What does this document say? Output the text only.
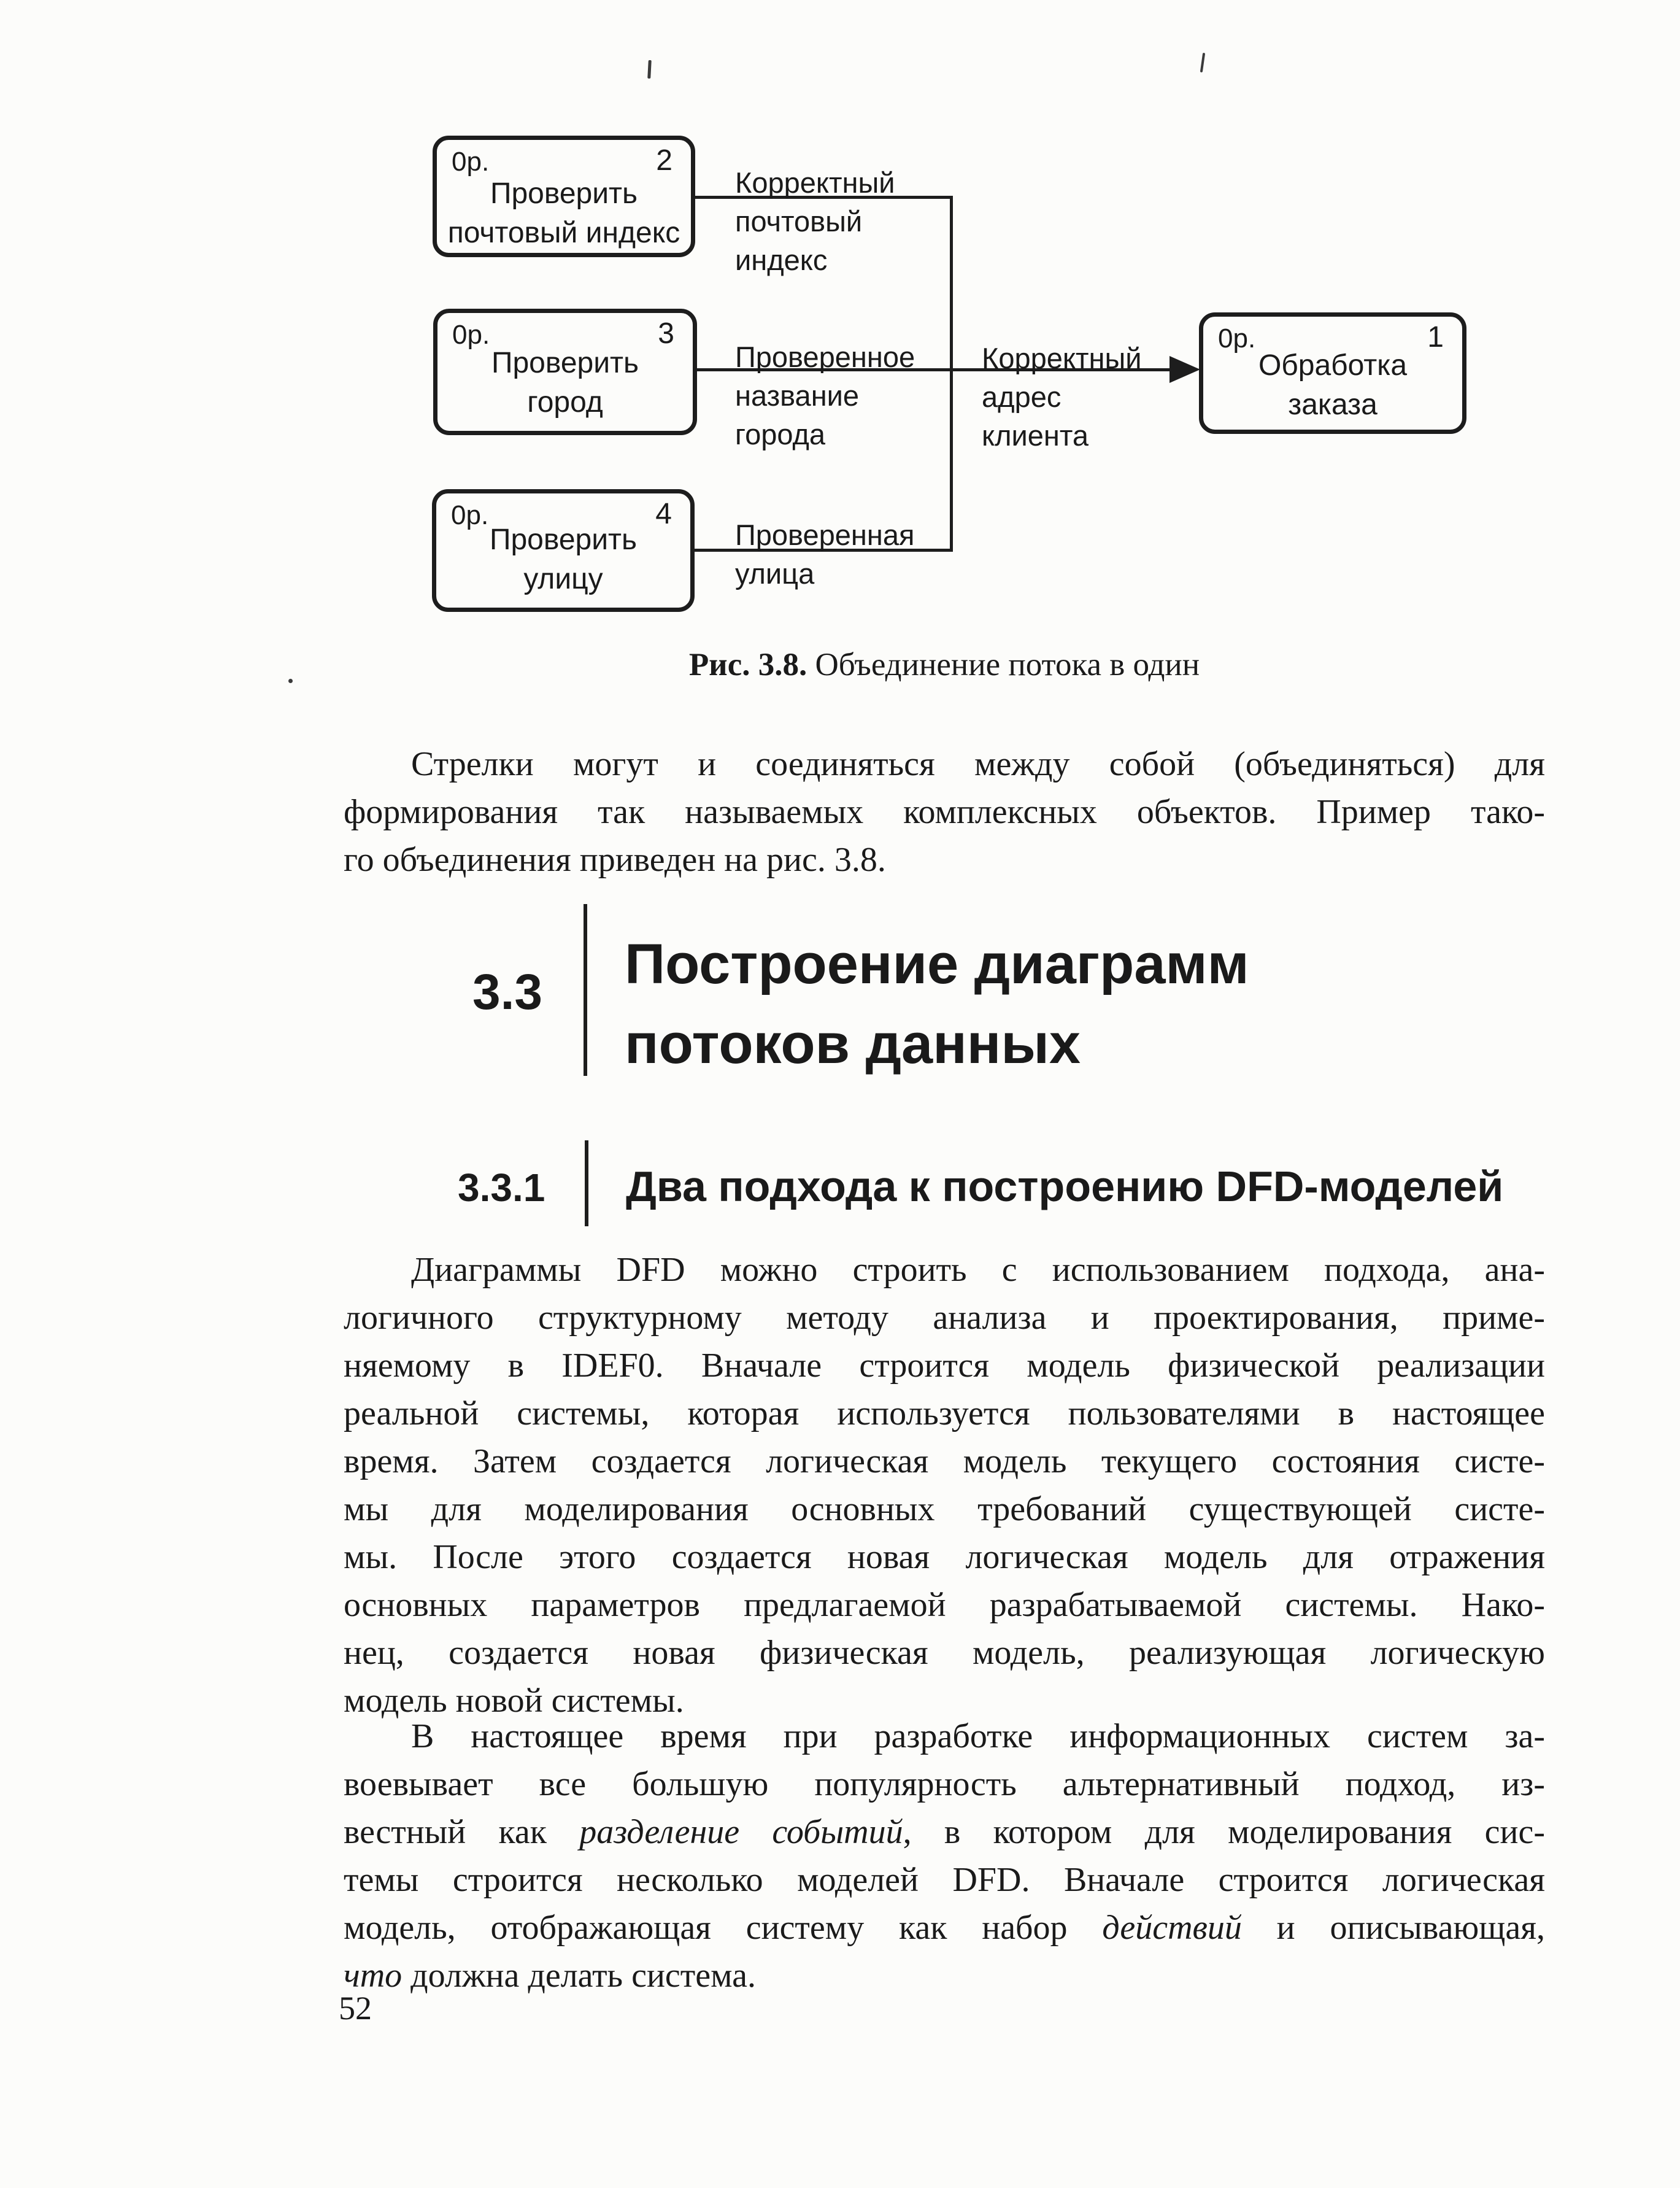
0р.	2
Проверить
почтовый индекс
0р.	3
Проверить
город
0р.	4
Проверить
улицу
0р.	1
Обработка
заказа
Корректный
почтовый
индекс
Проверенное
название
города
Проверенная
улица
Корректный
адрес
клиента
Рис. 3.8. Объединение потока в один
Стрелки могут и соединяться между собой (объединяться) для
формирования так называемых комплексных объектов. Пример тако-
го объединения приведен на рис. 3.8.
3.3 Построение диаграмм
потоков данных
3.3.1 Два подхода к построению DFD-моделей
Диаграммы DFD можно строить с использованием подхода, ана-
логичного структурному методу анализа и проектирования, приме-
няемому в IDEF0. Вначале строится модель физической реализации
реальной системы, которая используется пользователями в настоящее
время. Затем создается логическая модель текущего состояния систе-
мы для моделирования основных требований существующей систе-
мы. После этого создается новая логическая модель для отражения
основных параметров предлагаемой разрабатываемой системы. Нако-
нец, создается новая физическая модель, реализующая логическую
модель новой системы.
В настоящее время при разработке информационных систем за-
воевывает все большую популярность альтернативный подход, из-
вестный как разделение событий, в котором для моделирования сис-
темы строится несколько моделей DFD. Вначале строится логическая
модель, отображающая систему как набор действий и описывающая,
что должна делать система.
52
